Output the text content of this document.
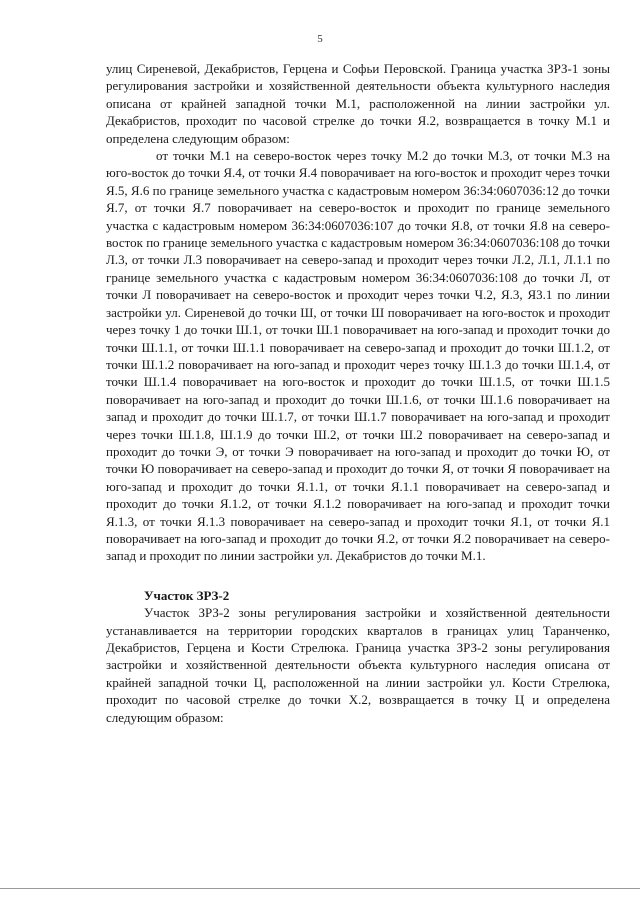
5

улиц Сиреневой, Декабристов, Герцена и Софьи Перовской. Граница участка ЗРЗ-1 зоны регулирования застройки и хозяйственной деятельности объекта культурного наследия описана от крайней западной точки М.1, расположенной на линии застройки ул. Декабристов, проходит по часовой стрелке до точки Я.2, возвращается в точку М.1 и определена следующим образом:

от точки М.1 на северо-восток через точку М.2 до точки М.3, от точки М.3 на юго-восток до точки Я.4, от точки Я.4 поворачивает на юго-восток и проходит через точки Я.5, Я.6 по границе земельного участка с кадастровым номером 36:34:0607036:12 до точки Я.7, от точки Я.7 поворачивает на северо-восток и проходит по границе земельного участка с кадастровым номером 36:34:0607036:107 до точки Я.8, от точки Я.8 на северо-восток по границе земельного участка с кадастровым номером 36:34:0607036:108 до точки Л.3, от точки Л.3 поворачивает на северо-запад и проходит через точки Л.2, Л.1, Л.1.1 по границе земельного участка с кадастровым номером 36:34:0607036:108 до точки Л, от точки Л поворачивает на северо-восток и проходит через точки Ч.2, Я.3, Я3.1 по линии застройки ул. Сиреневой до точки Ш, от точки Ш поворачивает на юго-восток и проходит через точку 1 до точки Ш.1, от точки Ш.1 поворачивает на юго-запад и проходит точки до точки Ш.1.1, от точки Ш.1.1 поворачивает на северо-запад и проходит до точки Ш.1.2, от точки Ш.1.2 поворачивает на юго-запад и проходит через точку Ш.1.3 до точки Ш.1.4, от точки Ш.1.4 поворачивает на юго-восток и проходит до точки Ш.1.5, от точки Ш.1.5 поворачивает на юго-запад и проходит до точки Ш.1.6, от точки Ш.1.6 поворачивает на запад и проходит до точки Ш.1.7, от точки Ш.1.7 поворачивает на юго-запад и проходит через точки Ш.1.8, Ш.1.9 до точки Ш.2, от точки Ш.2 поворачивает на северо-запад и проходит до точки Э, от точки Э поворачивает на юго-запад и проходит до точки Ю, от точки Ю поворачивает на северо-запад и проходит до точки Я, от точки Я поворачивает на юго-запад и проходит до точки Я.1.1, от точки Я.1.1 поворачивает на северо-запад и проходит до точки Я.1.2, от точки Я.1.2 поворачивает на юго-запад и проходит точки Я.1.3, от точки Я.1.3 поворачивает на северо-запад и проходит точки Я.1, от точки Я.1 поворачивает на юго-запад и проходит до точки Я.2, от точки Я.2 поворачивает на северо-запад и проходит по линии застройки ул. Декабристов до точки М.1.

Участок ЗРЗ-2

Участок ЗРЗ-2 зоны регулирования застройки и хозяйственной деятельности устанавливается на территории городских кварталов в границах улиц Таранченко, Декабристов, Герцена и Кости Стрелюка. Граница участка ЗРЗ-2 зоны регулирования застройки и хозяйственной деятельности объекта культурного наследия описана от крайней западной точки Ц, расположенной на линии застройки ул. Кости Стрелюка, проходит по часовой стрелке до точки Х.2, возвращается в точку Ц и определена следующим образом:
